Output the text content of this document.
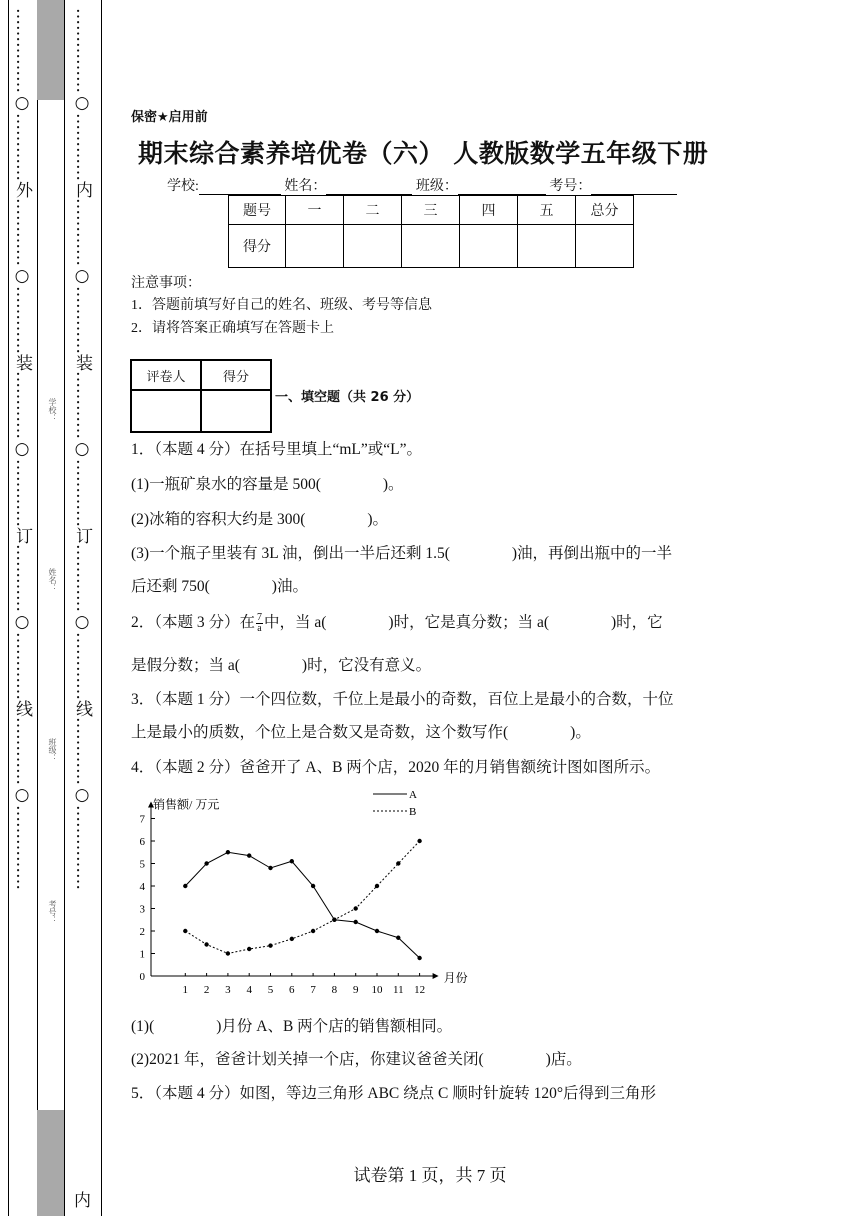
……………○…………外…………○…………装…………○…………订…………○…………线…………○…………… ……………○…………内…………○…………装…………○…………订…………○…………线…………○……………
内
学校：
姓名：
班级：
考号：
保密★启用前
期末综合素养培优卷（六） 人教版数学五年级下册
学校:	姓名：	班级：	考号：
题号	一	二	三	四	五	总分
得分						
注意事项：
1．答题前填写好自己的姓名、班级、考号等信息
2．请将答案正确填写在答题卡上
评卷人	得分

一、填空题（共 26 分）
1．（本题 4 分）在括号里填上“mL”或“L”。
(1)一瓶矿泉水的容量是 500(　　　　)。
(2)冰箱的容积大约是 300(　　　　)。
(3)一个瓶子里装有 3L 油，倒出一半后还剩 1.5(　　　　)油，再倒出瓶中的一半
后还剩 750(　　　　)油。
2．（本题 3 分）在 $\frac{7}{a}$ 中，当 a(　　　　)时，它是真分数；当 a(　　　　)时，它
是假分数；当 a(　　　　)时，它没有意义。
3．（本题 1 分）一个四位数，千位上是最小的奇数，百位上是最小的合数，十位
上是最小的质数，个位上是合数又是奇数，这个数写作(　　　　)。
4．（本题 2 分）爸爸开了 A、B 两个店，2020 年的月销售额统计图如图所示。
销售额/ 万元
月份
0
1
2
3
4
5
6
7
1 2 3 4 5 6 7 8 9 10 11 12
A
B
(1)(　　　　)月份 A、B 两个店的销售额相同。
(2)2021 年，爸爸计划关掉一个店，你建议爸爸关闭(　　　　)店。
5．（本题 4 分）如图，等边三角形 ABC 绕点 C 顺时针旋转 120°后得到三角形
试卷第 1 页，共 7 页
